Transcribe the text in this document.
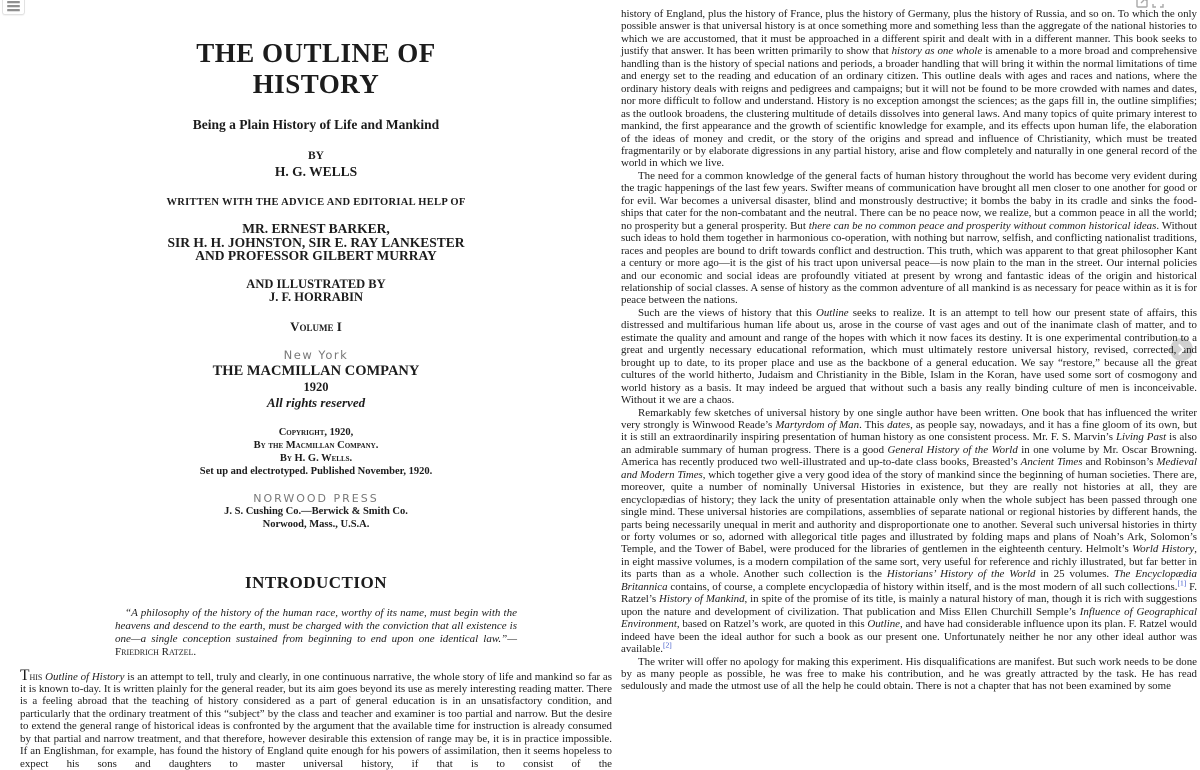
THE OUTLINE OF
HISTORY
Being a Plain History of Life and Mankind
BY
H. G. WELLS
WRITTEN WITH THE ADVICE AND EDITORIAL HELP OF
MR. ERNEST BARKER,
SIR H. H. JOHNSTON, SIR E. RAY LANKESTER
AND PROFESSOR GILBERT MURRAY
AND ILLUSTRATED BY
J. F. HORRABIN
Volume I
New York
THE MACMILLAN COMPANY
1920
All rights reserved
Copyright, 1920,
By the Macmillan Company.
By H. G. Wells.
Set up and electrotyped. Published November, 1920.
NORWOOD PRESS
J. S. Cushing Co.—Berwick & Smith Co.
Norwood, Mass., U.S.A.
INTRODUCTION
“A philosophy of the history of the human race, worthy of its name, must begin with the heavens and descend to the earth, must be charged with the conviction that all existence is one—a single conception sustained from beginning to end upon one identical law.”—Friedrich Ratzel.

This Outline of History is an attempt to tell, truly and clearly, in one continuous narrative, the whole story of life and mankind so far as it is known to-day. It is written plainly for the general reader, but its aim goes beyond its use as merely interesting reading matter. There is a feeling abroad that the teaching of history considered as a part of general education is in an unsatisfactory condition, and particularly that the ordinary treatment of this “subject” by the class and teacher and examiner is too partial and narrow. But the desire to extend the general range of historical ideas is confronted by the argument that the available time for instruction is already consumed by that partial and narrow treatment, and that therefore, however desirable this extension of range may be, it is in practice impossible. If an Englishman, for example, has found the history of England quite enough for his powers of assimilation, then it seems hopeless to expect his sons and daughters to master universal history, if that is to consist of the

history of England, plus the history of France, plus the history of Germany, plus the history of Russia, and so on. To which the only possible answer is that universal history is at once something more and something less than the aggregate of the national histories to which we are accustomed, that it must be approached in a different spirit and dealt with in a different manner. This book seeks to justify that answer. It has been written primarily to show that history as one whole is amenable to a more broad and comprehensive handling than is the history of special nations and periods, a broader handling that will bring it within the normal limitations of time and energy set to the reading and education of an ordinary citizen. This outline deals with ages and races and nations, where the ordinary history deals with reigns and pedigrees and campaigns; but it will not be found to be more crowded with names and dates, nor more difficult to follow and understand. History is no exception amongst the sciences; as the gaps fill in, the outline simplifies; as the outlook broadens, the clustering multitude of details dissolves into general laws. And many topics of quite primary interest to mankind, the first appearance and the growth of scientific knowledge for example, and its effects upon human life, the elaboration of the ideas of money and credit, or the story of the origins and spread and influence of Christianity, which must be treated fragmentarily or by elaborate digressions in any partial history, arise and flow completely and naturally in one general record of the world in which we live.

The need for a common knowledge of the general facts of human history throughout the world has become very evident during the tragic happenings of the last few years. Swifter means of communication have brought all men closer to one another for good or for evil. War becomes a universal disaster, blind and monstrously destructive; it bombs the baby in its cradle and sinks the food-ships that cater for the non-combatant and the neutral. There can be no peace now, we realize, but a common peace in all the world; no prosperity but a general prosperity. But there can be no common peace and prosperity without common historical ideas. Without such ideas to hold them together in harmonious co-operation, with nothing but narrow, selfish, and conflicting nationalist traditions, races and peoples are bound to drift towards conflict and destruction. This truth, which was apparent to that great philosopher Kant a century or more ago—it is the gist of his tract upon universal peace—is now plain to the man in the street. Our internal policies and our economic and social ideas are profoundly vitiated at present by wrong and fantastic ideas of the origin and historical relationship of social classes. A sense of history as the common adventure of all mankind is as necessary for peace within as it is for peace between the nations.

Such are the views of history that this Outline seeks to realize. It is an attempt to tell how our present state of affairs, this distressed and multifarious human life about us, arose in the course of vast ages and out of the inanimate clash of matter, and to estimate the quality and amount and range of the hopes with which it now faces its destiny. It is one experimental contribution to a great and urgently necessary educational reformation, which must ultimately restore universal history, revised, corrected, and brought up to date, to its proper place and use as the backbone of a general education. We say “restore,” because all the great cultures of the world hitherto, Judaism and Christianity in the Bible, Islam in the Koran, have used some sort of cosmogony and world history as a basis. It may indeed be argued that without such a basis any really binding culture of men is inconceivable. Without it we are a chaos.

Remarkably few sketches of universal history by one single author have been written. One book that has influenced the writer very strongly is Winwood Reade’s Martyrdom of Man. This dates, as people say, nowadays, and it has a fine gloom of its own, but it is still an extraordinarily inspiring presentation of human history as one consistent process. Mr. F. S. Marvin’s Living Past is also an admirable summary of human progress. There is a good General History of the World in one volume by Mr. Oscar Browning. America has recently produced two well-illustrated and up-to-date class books, Breasted’s Ancient Times and Robinson’s Medieval and Modern Times, which together give a very good idea of the story of mankind since the beginning of human societies. There are, moreover, quite a number of nominally Universal Histories in existence, but they are really not histories at all, they are encyclopædias of history; they lack the unity of presentation attainable only when the whole subject has been passed through one single mind. These universal histories are compilations, assemblies of separate national or regional histories by different hands, the parts being necessarily unequal in merit and authority and disproportionate one to another. Several such universal histories in thirty or forty volumes or so, adorned with allegorical title pages and illustrated by folding maps and plans of Noah’s Ark, Solomon’s Temple, and the Tower of Babel, were produced for the libraries of gentlemen in the eighteenth century. Helmolt’s World History, in eight massive volumes, is a modern compilation of the same sort, very useful for reference and richly illustrated, but far better in its parts than as a whole. Another such collection is the Historians’ History of the World in 25 volumes. The Encyclopædia Britannica contains, of course, a complete encyclopædia of history within itself, and is the most modern of all such collections.[1] F. Ratzel’s History of Mankind, in spite of the promise of its title, is mainly a natural history of man, though it is rich with suggestions upon the nature and development of civilization. That publication and Miss Ellen Churchill Semple’s Influence of Geographical Environment, based on Ratzel’s work, are quoted in this Outline, and have had considerable influence upon its plan. F. Ratzel would indeed have been the ideal author for such a book as our present one. Unfortunately neither he nor any other ideal author was available.[2]

The writer will offer no apology for making this experiment. His disqualifications are manifest. But such work needs to be done by as many people as possible, he was free to make his contribution, and he was greatly attracted by the task. He has read sedulously and made the utmost use of all the help he could obtain. There is not a chapter that has not been examined by some
